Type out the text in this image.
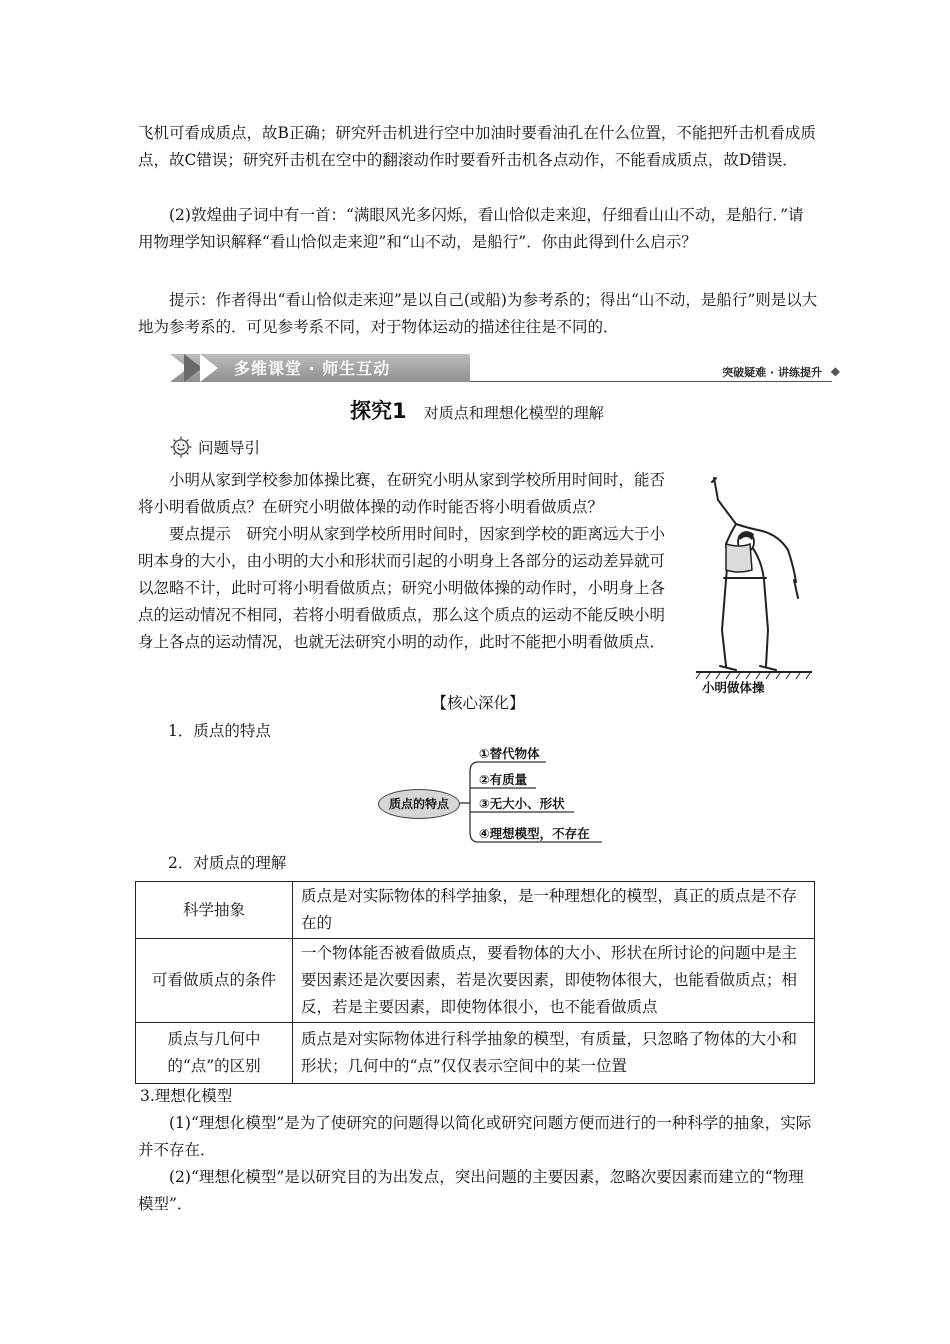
飞机可看成质点，故B正确；研究歼击机进行空中加油时要看油孔在什么位置，不能把歼击机看成质点，故C错误；研究歼击机在空中的翻滚动作时要看歼击机各点动作，不能看成质点，故D错误．

(2)敦煌曲子词中有一首：“满眼风光多闪烁，看山恰似走来迎，仔细看山山不动，是船行．”请用物理学知识解释“看山恰似走来迎”和“山不动，是船行”．你由此得到什么启示？

提示：作者得出“看山恰似走来迎”是以自己(或船)为参考系的；得出“山不动，是船行”则是以大地为参考系的．可见参考系不同，对于物体运动的描述往往是不同的．

多维课堂 · 师生互动	突破疑难 · 讲练提升 ◆
探究1 对质点和理想化模型的理解
问题导引

小明从家到学校参加体操比赛，在研究小明从家到学校所用时间时，能否将小明看做质点？在研究小明做体操的动作时能否将小明看做质点？

要点提示　研究小明从家到学校所用时间时，因家到学校的距离远大于小明本身的大小，由小明的大小和形状而引起的小明身上各部分的运动差异就可以忽略不计，此时可将小明看做质点；研究小明做体操的动作时，小明身上各点的运动情况不相同，若将小明看做质点，那么这个质点的运动不能反映小明身上各点的运动情况，也就无法研究小明的动作，此时不能把小明看做质点．

小明做体操
【核心深化】

1．质点的特点

质点的特点
①替代物体
②有质量
③无大小、形状
④理想模型，不存在

2．对质点的理解

科学抽象	质点是对实际物体的科学抽象，是一种理想化的模型，真正的质点是不存在的
可看做质点的条件	一个物体能否被看做质点，要看物体的大小、形状在所讨论的问题中是主要因素还是次要因素，若是次要因素，即使物体很大，也能看做质点；相反，若是主要因素，即使物体很小，也不能看做质点
质点与几何中的“点”的区别	质点是对实际物体进行科学抽象的模型，有质量，只忽略了物体的大小和形状；几何中的“点”仅仅表示空间中的某一位置

3.理想化模型

(1)“理想化模型”是为了使研究的问题得以简化或研究问题方便而进行的一种科学的抽象，实际并不存在．

(2)“理想化模型”是以研究目的为出发点，突出问题的主要因素，忽略次要因素而建立的“物理模型”．
